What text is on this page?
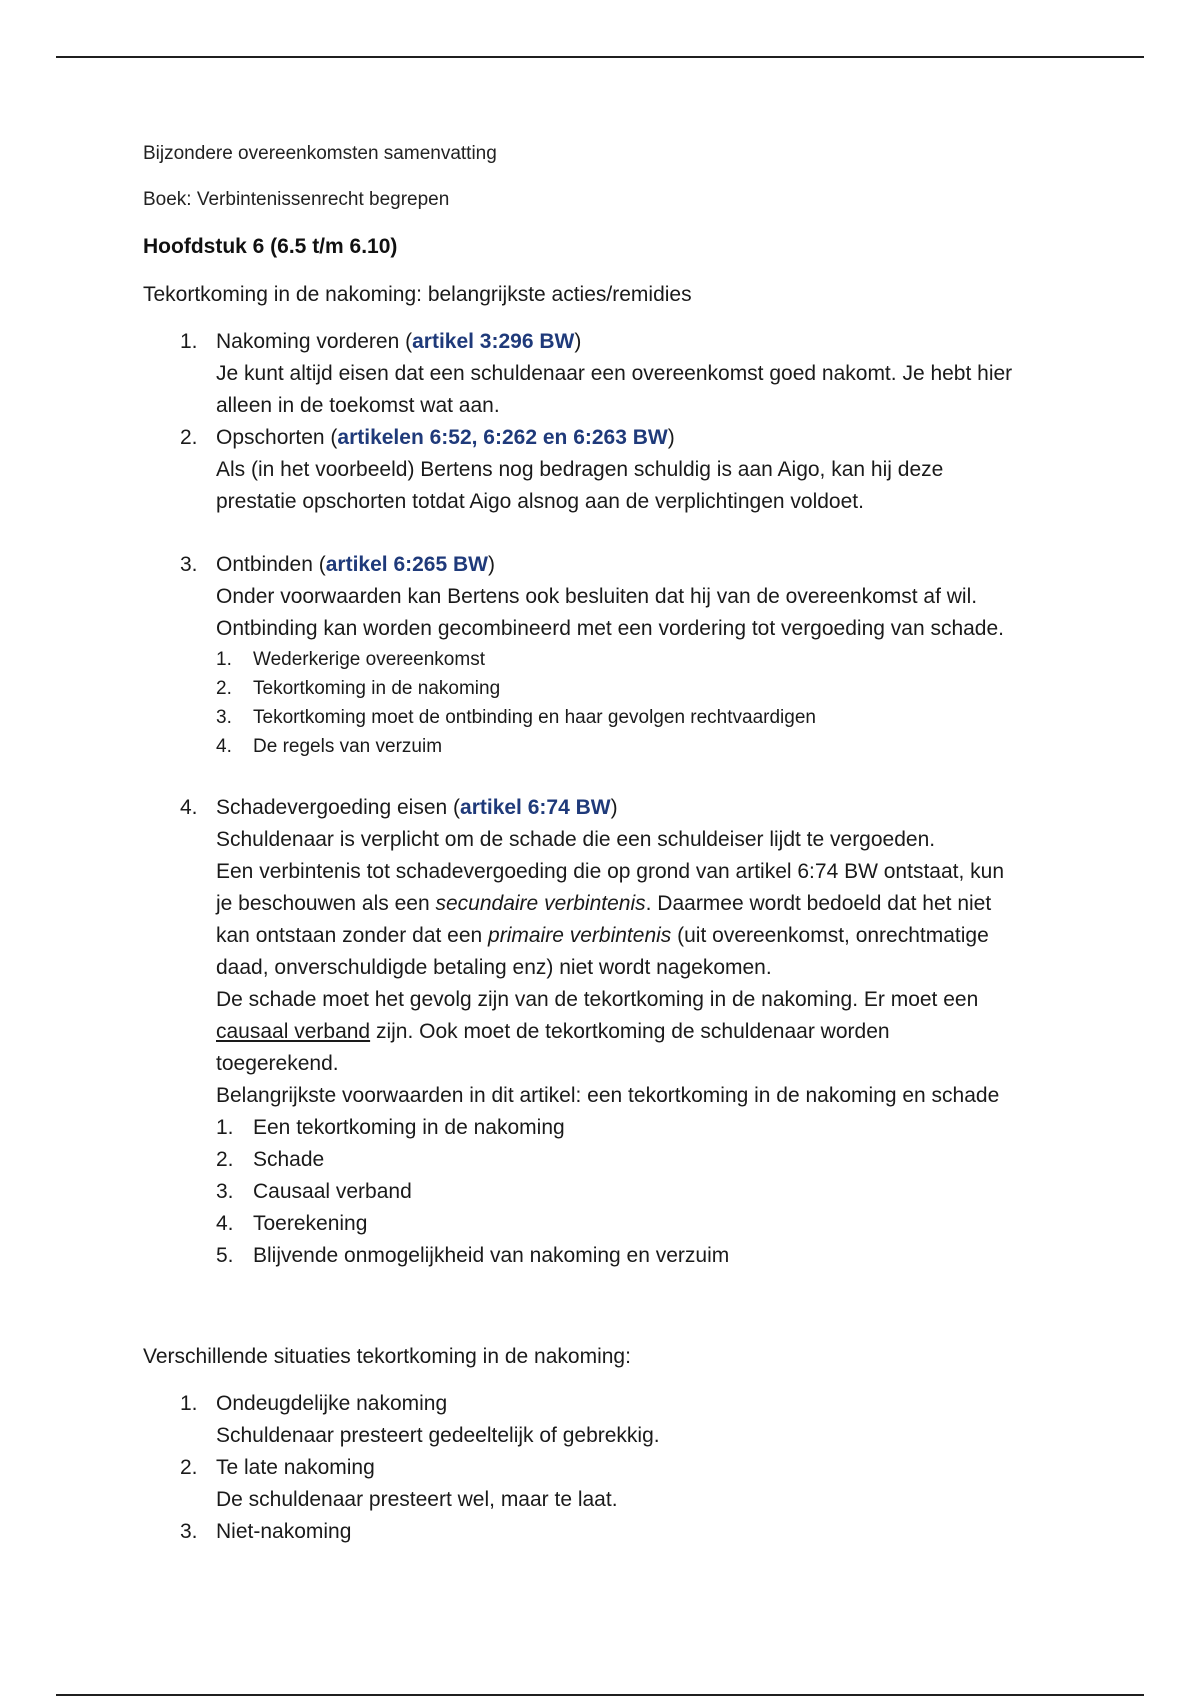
Bijzondere overeenkomsten samenvatting

Boek: Verbintenissenrecht begrepen

Hoofdstuk 6 (6.5 t/m 6.10)

Tekortkoming in de nakoming: belangrijkste acties/remidies

1. Nakoming vorderen (artikel 3:296 BW)
Je kunt altijd eisen dat een schuldenaar een overeenkomst goed nakomt. Je hebt hier
alleen in de toekomst wat aan.
2. Opschorten (artikelen 6:52, 6:262 en 6:263 BW)
Als (in het voorbeeld) Bertens nog bedragen schuldig is aan Aigo, kan hij deze
prestatie opschorten totdat Aigo alsnog aan de verplichtingen voldoet.
3. Ontbinden (artikel 6:265 BW)
Onder voorwaarden kan Bertens ook besluiten dat hij van de overeenkomst af wil.
Ontbinding kan worden gecombineerd met een vordering tot vergoeding van schade.
1. Wederkerige overeenkomst
2. Tekortkoming in de nakoming
3. Tekortkoming moet de ontbinding en haar gevolgen rechtvaardigen
4. De regels van verzuim
4. Schadevergoeding eisen (artikel 6:74 BW)
Schuldenaar is verplicht om de schade die een schuldeiser lijdt te vergoeden.
Een verbintenis tot schadevergoeding die op grond van artikel 6:74 BW ontstaat, kun
je beschouwen als een secundaire verbintenis. Daarmee wordt bedoeld dat het niet
kan ontstaan zonder dat een primaire verbintenis (uit overeenkomst, onrechtmatige
daad, onverschuldigde betaling enz) niet wordt nagekomen.
De schade moet het gevolg zijn van de tekortkoming in de nakoming. Er moet een
causaal verband zijn. Ook moet de tekortkoming de schuldenaar worden
toegerekend.
Belangrijkste voorwaarden in dit artikel: een tekortkoming in de nakoming en schade
1. Een tekortkoming in de nakoming
2. Schade
3. Causaal verband
4. Toerekening
5. Blijvende onmogelijkheid van nakoming en verzuim

Verschillende situaties tekortkoming in de nakoming:

1. Ondeugdelijke nakoming
Schuldenaar presteert gedeeltelijk of gebrekkig.
2. Te late nakoming
De schuldenaar presteert wel, maar te laat.
3. Niet-nakoming
